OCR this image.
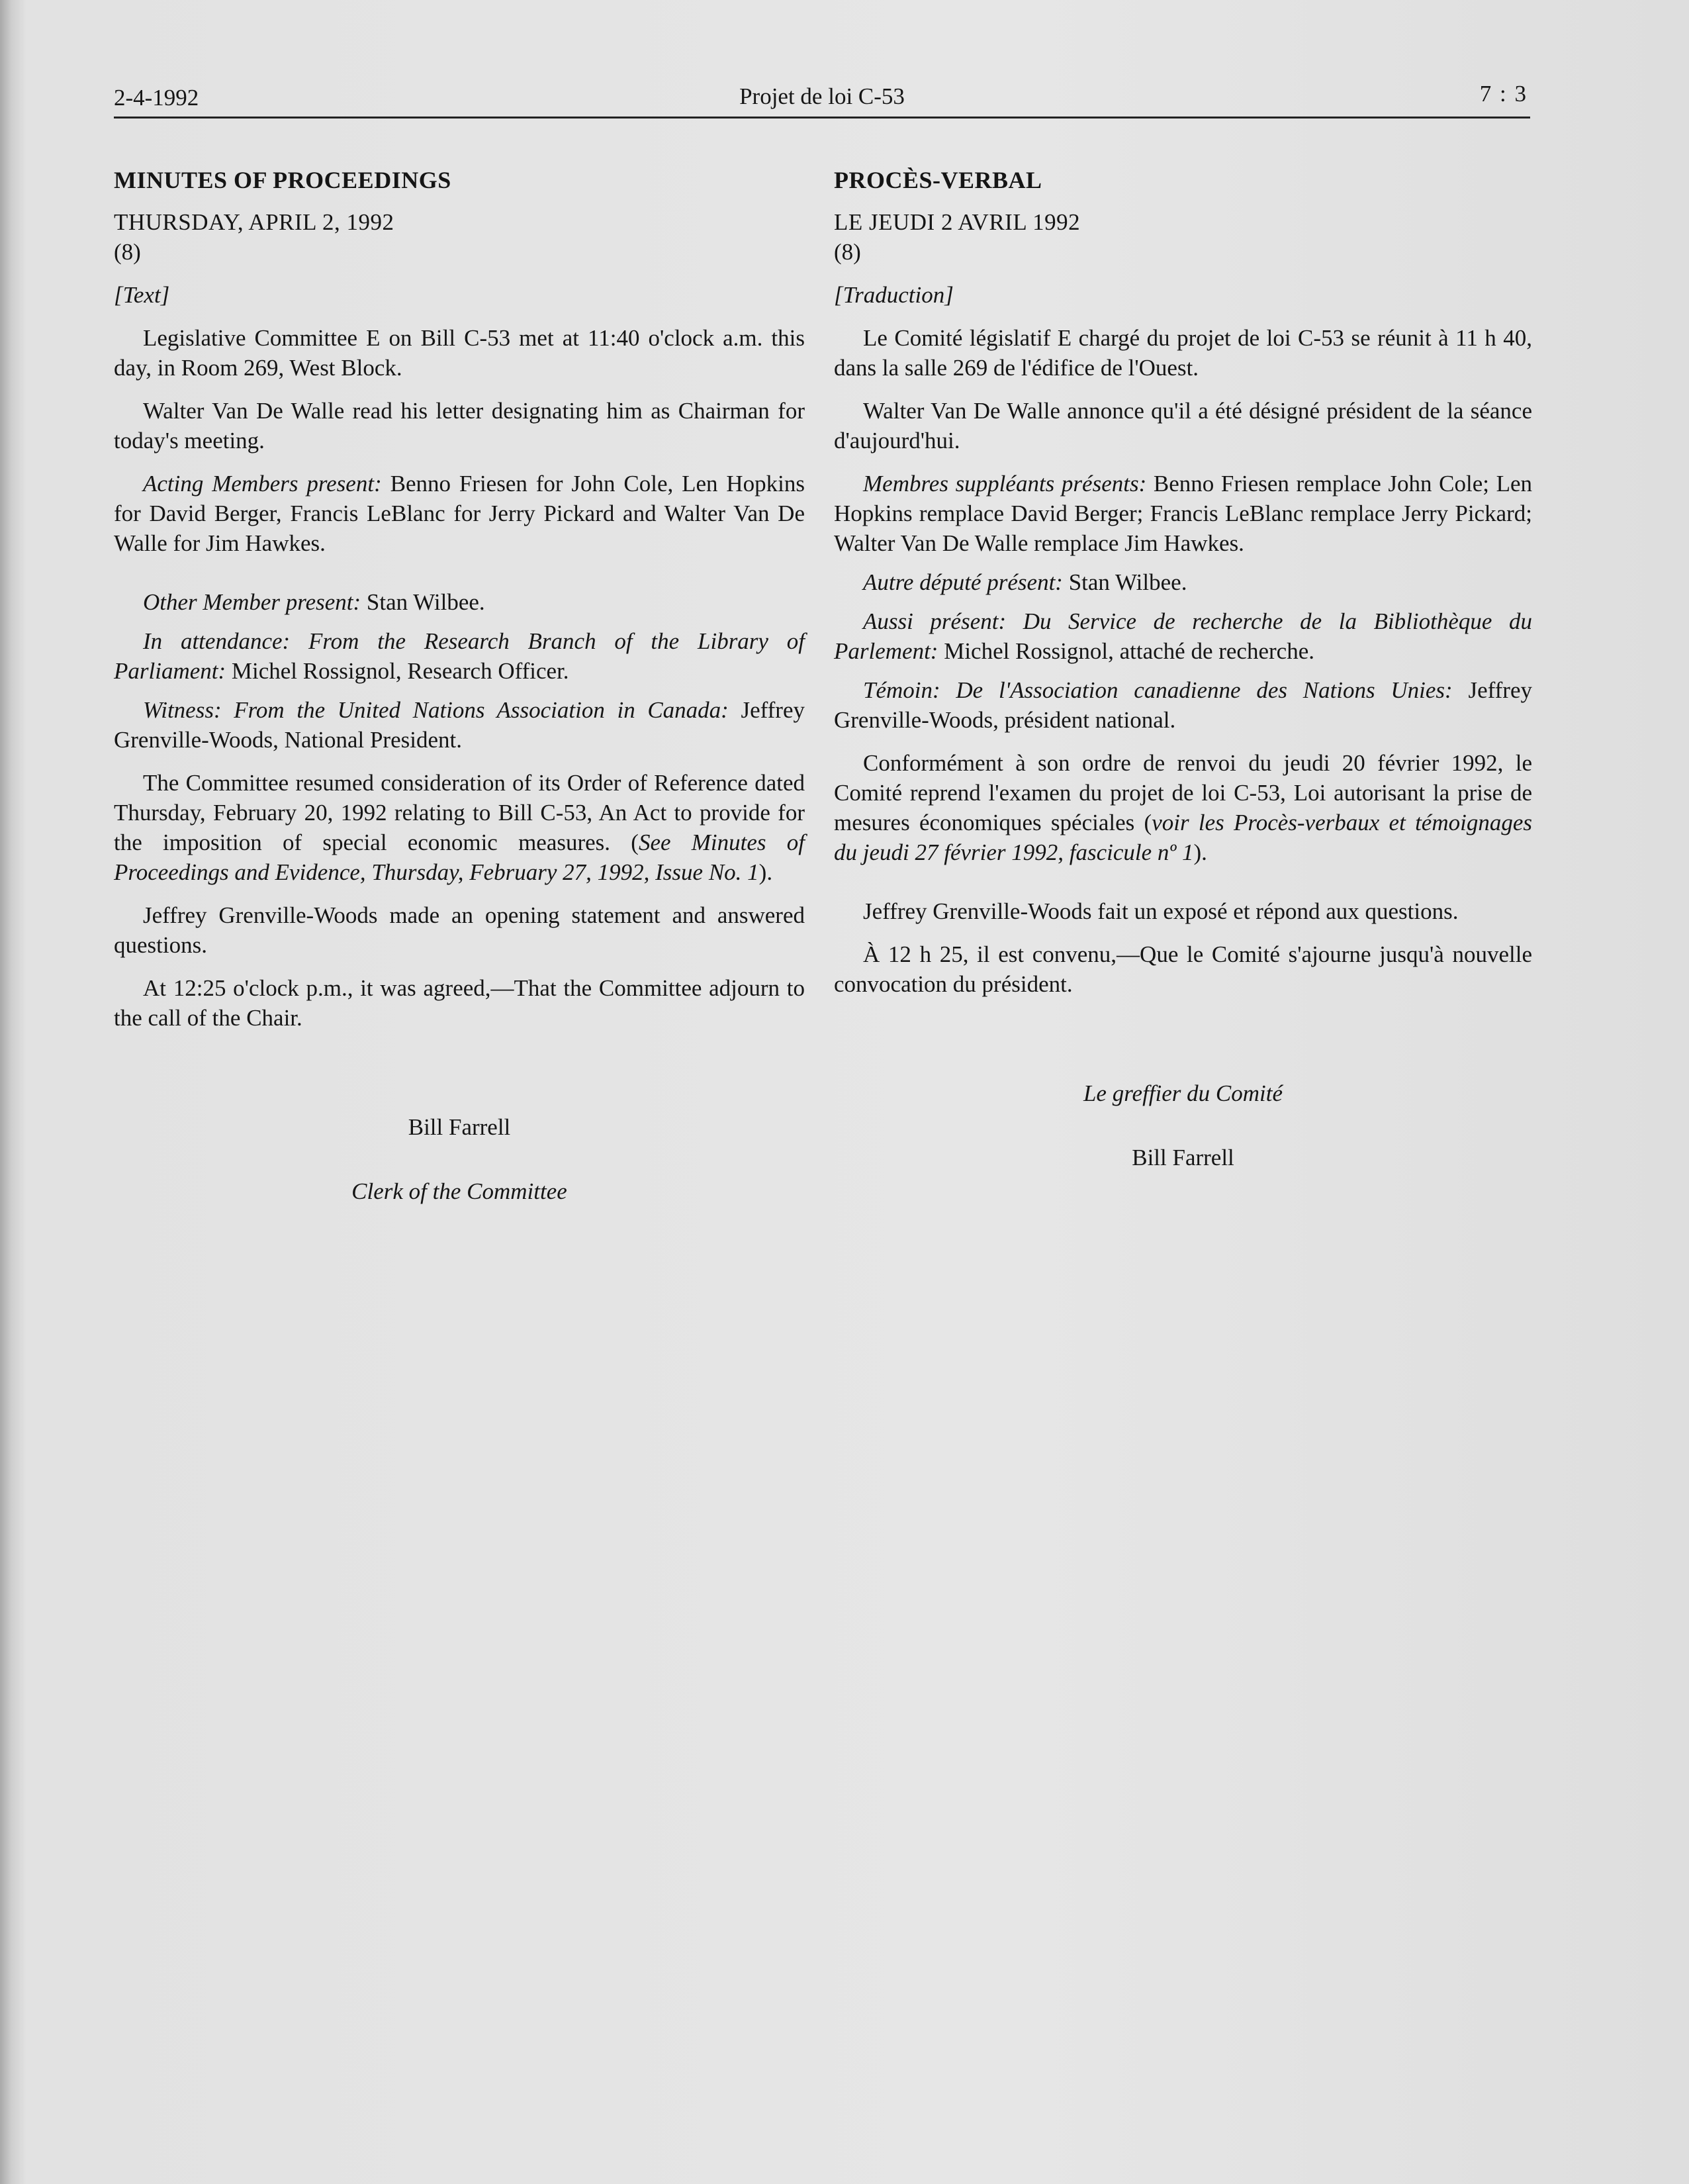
2-4-1992	Projet de loi C-53	7 : 3

MINUTES OF PROCEEDINGS

THURSDAY, APRIL 2, 1992

(8)

[Text]

Legislative Committee E on Bill C-53 met at 11:40 o'clock a.m. this day, in Room 269, West Block.

Walter Van De Walle read his letter designating him as Chairman for today's meeting.

Acting Members present: Benno Friesen for John Cole, Len Hopkins for David Berger, Francis LeBlanc for Jerry Pickard and Walter Van De Walle for Jim Hawkes.

Other Member present: Stan Wilbee.

In attendance: From the Research Branch of the Library of Parliament: Michel Rossignol, Research Officer.

Witness: From the United Nations Association in Canada: Jeffrey Grenville-Woods, National President.

The Committee resumed consideration of its Order of Reference dated Thursday, February 20, 1992 relating to Bill C-53, An Act to provide for the imposition of special economic measures. (See Minutes of Proceedings and Evidence, Thursday, February 27, 1992, Issue No. 1).

Jeffrey Grenville-Woods made an opening statement and answered questions.

At 12:25 o'clock p.m., it was agreed,—That the Committee adjourn to the call of the Chair.

Bill Farrell

Clerk of the Committee

PROCÈS-VERBAL

LE JEUDI 2 AVRIL 1992

(8)

[Traduction]

Le Comité législatif E chargé du projet de loi C-53 se réunit à 11 h 40, dans la salle 269 de l'édifice de l'Ouest.

Walter Van De Walle annonce qu'il a été désigné président de la séance d'aujourd'hui.

Membres suppléants présents: Benno Friesen remplace John Cole; Len Hopkins remplace David Berger; Francis LeBlanc remplace Jerry Pickard; Walter Van De Walle remplace Jim Hawkes.

Autre député présent: Stan Wilbee.

Aussi présent: Du Service de recherche de la Bibliothèque du Parlement: Michel Rossignol, attaché de recherche.

Témoin: De l'Association canadienne des Nations Unies: Jeffrey Grenville-Woods, président national.

Conformément à son ordre de renvoi du jeudi 20 février 1992, le Comité reprend l'examen du projet de loi C-53, Loi autorisant la prise de mesures économiques spéciales (voir les Procès-verbaux et témoignages du jeudi 27 février 1992, fascicule nº 1).

Jeffrey Grenville-Woods fait un exposé et répond aux questions.

À 12 h 25, il est convenu,—Que le Comité s'ajourne jusqu'à nouvelle convocation du président.

Le greffier du Comité

Bill Farrell
